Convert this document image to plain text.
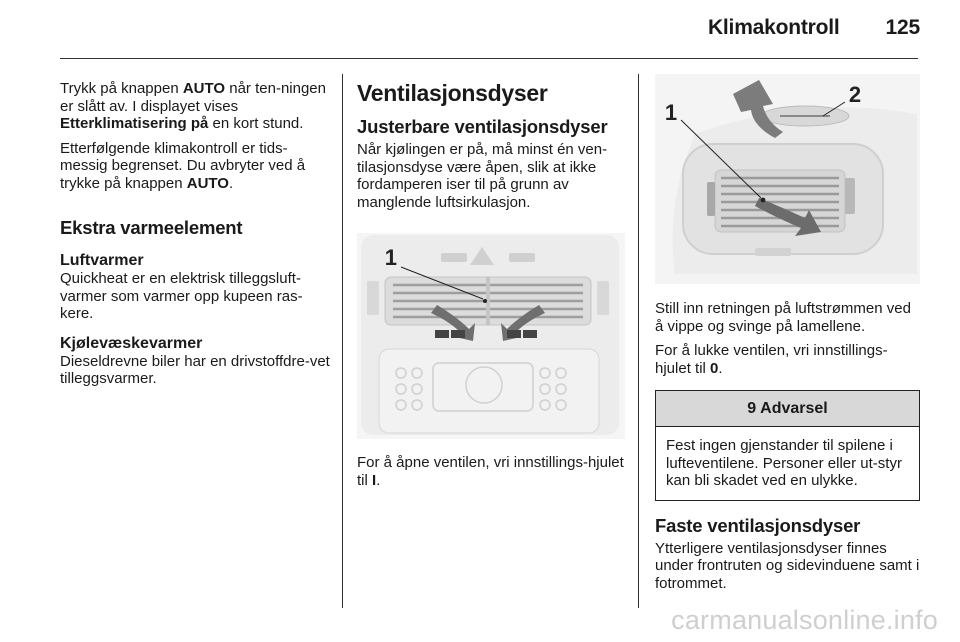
Klimakontroll 125

Trykk på knappen AUTO når ten-ningen er slått av. I displayet vises Etterklimatisering på en kort stund.

Etterfølgende klimakontroll er tids-messig begrenset. Du avbryter ved å trykke på knappen AUTO.

Ekstra varmeelement
Luftvarmer

Quickheat er en elektrisk tilleggsluft-varmer som varmer opp kupeen ras-kere.

Kjølevæskevarmer

Dieseldrevne biler har en drivstoffdre-vet tilleggsvarmer.

Ventilasjonsdyser
Justerbare ventilasjonsdyser

Når kjølingen er på, må minst én ven-tilasjonsdyse være åpen, slik at ikke fordamperen iser til på grunn av manglende luftsirkulasjon.

1

For å åpne ventilen, vri innstillings-hjulet til I.

1
2

Still inn retningen på luftstrømmen ved å vippe og svinge på lamellene.

For å lukke ventilen, vri innstillings-hjulet til 0.

9 Advarsel

Fest ingen gjenstander til spilene i lufteventilene. Personer eller ut-styr kan bli skadet ved en ulykke.

Faste ventilasjonsdyser

Ytterligere ventilasjonsdyser finnes under frontruten og sidevinduene samt i fotrommet.

carmanualsonline.info
